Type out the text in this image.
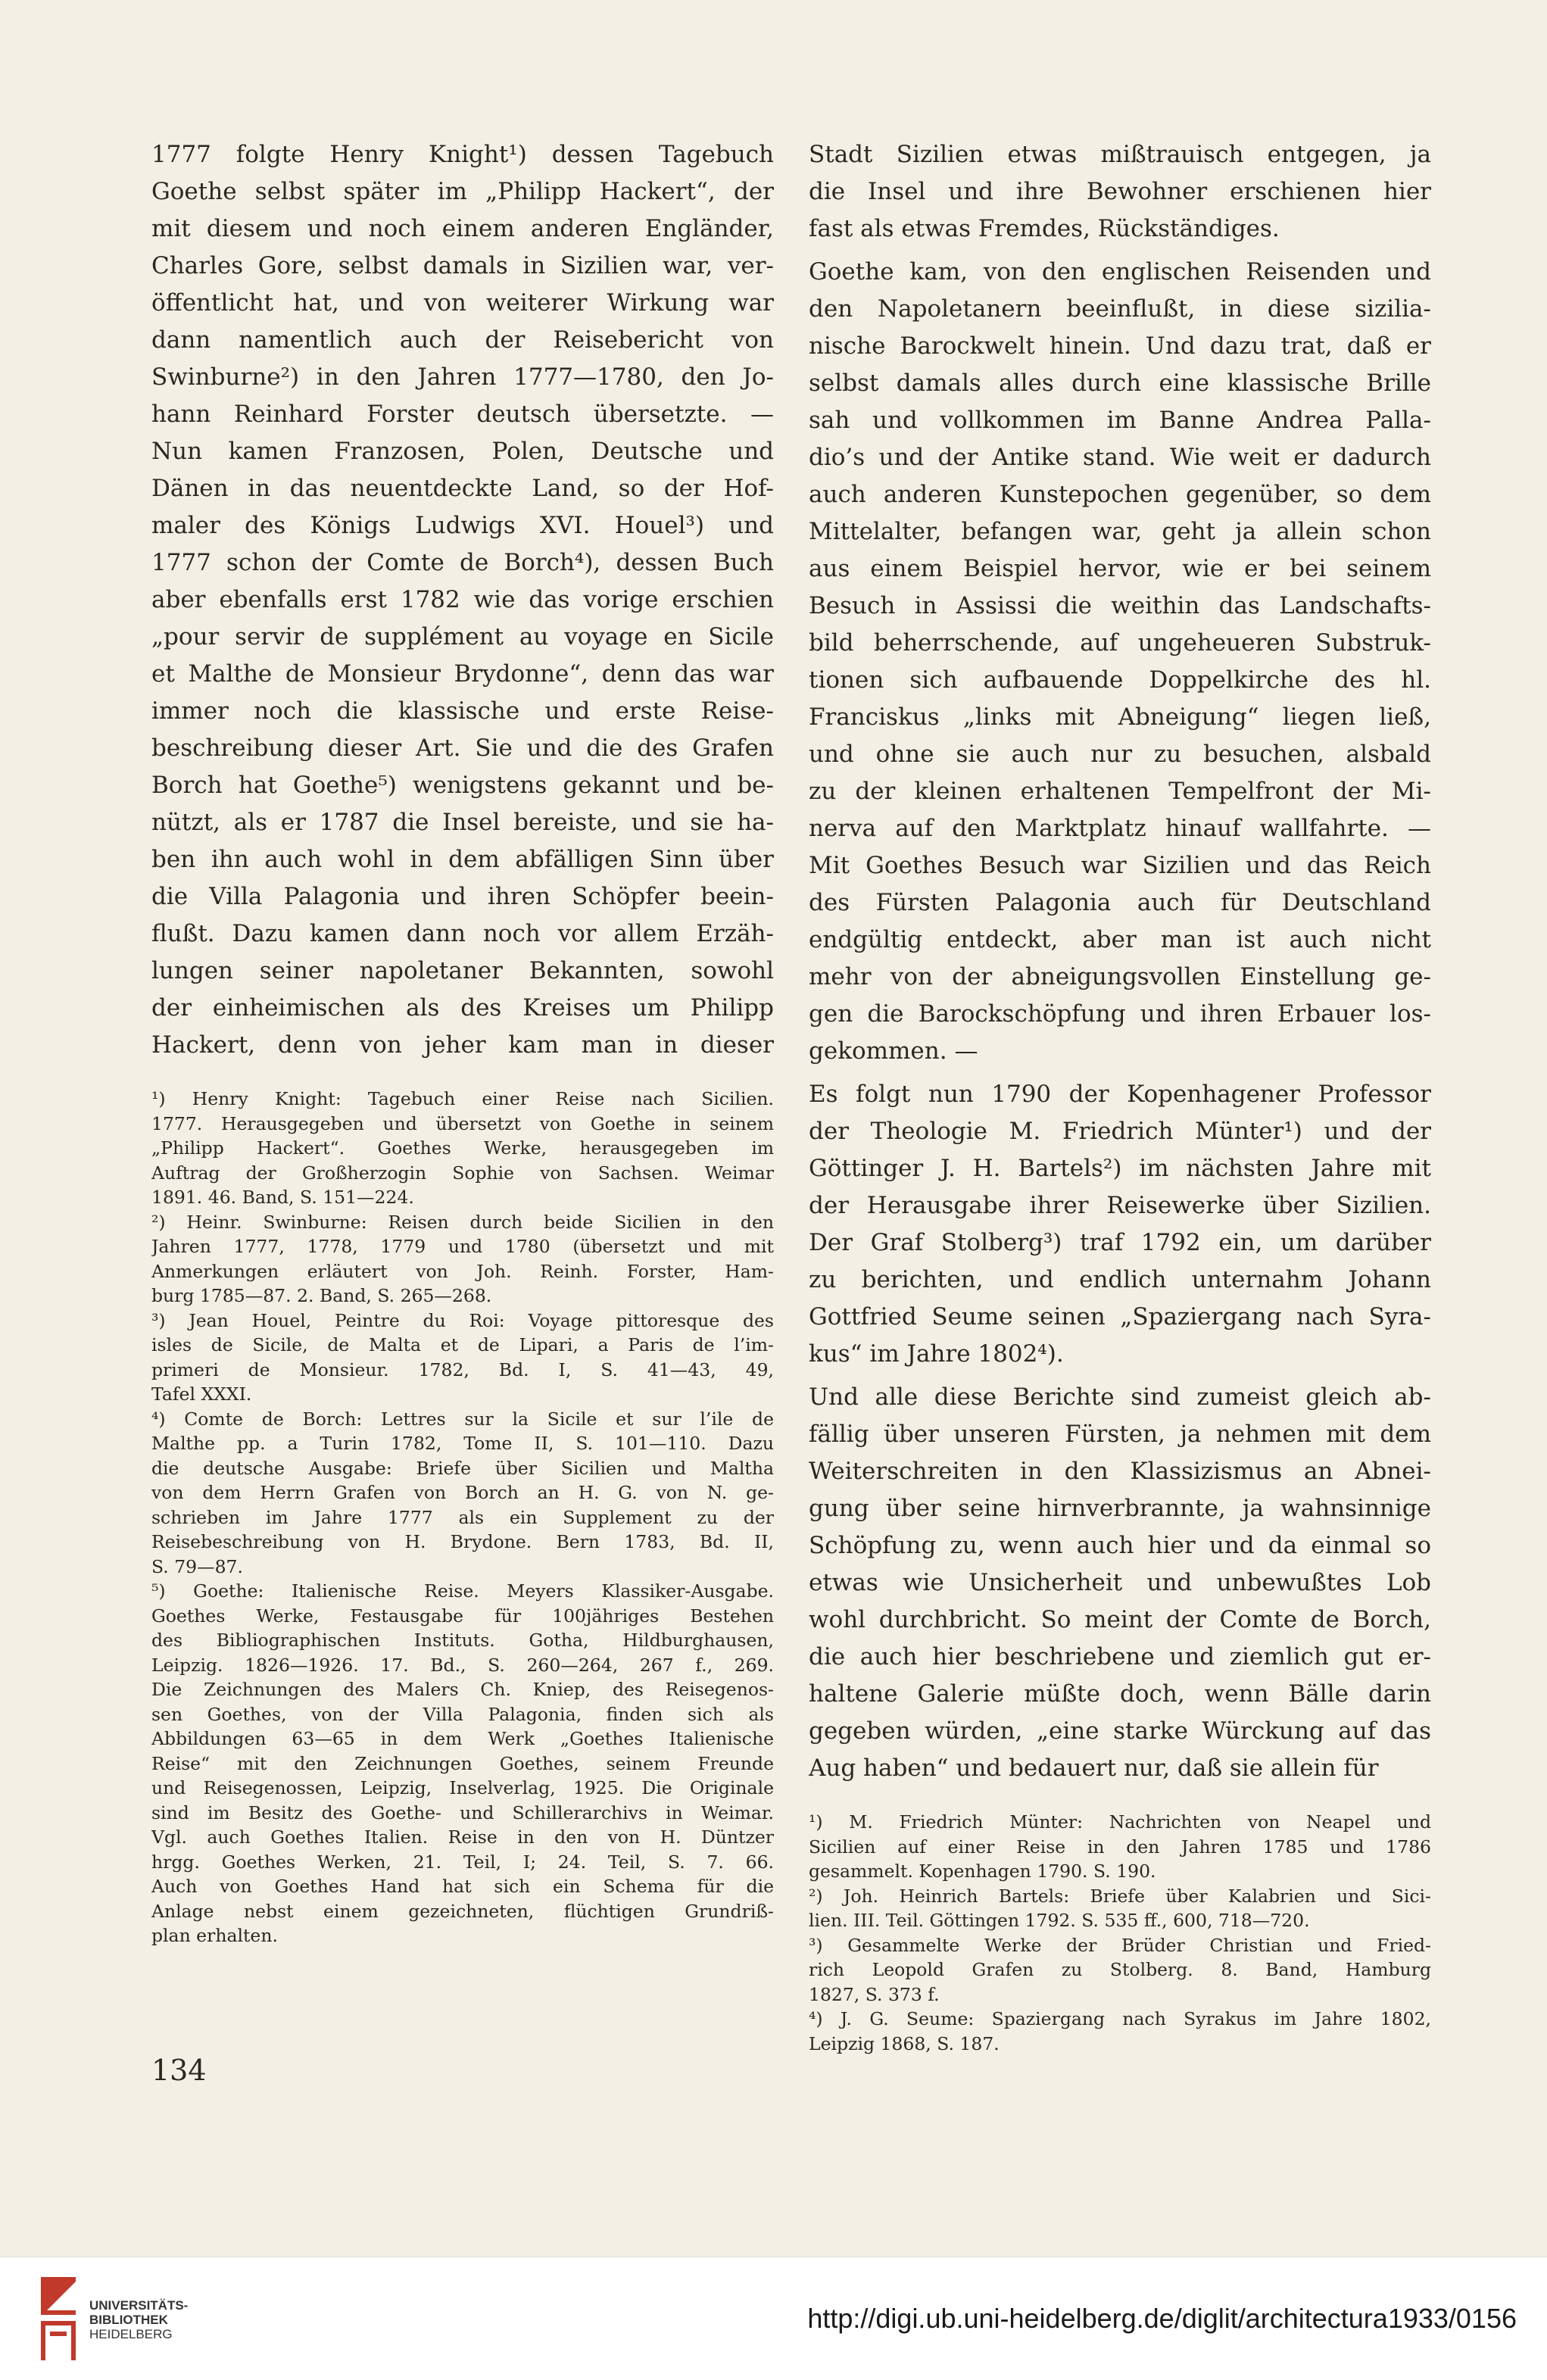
1777 folgte Henry Knight¹) dessen Tagebuch
Goethe selbst später im „Philipp Hackert“, der
mit diesem und noch einem anderen Engländer,
Charles Gore, selbst damals in Sizilien war, ver-
öffentlicht hat, und von weiterer Wirkung war
dann namentlich auch der Reisebericht von
Swinburne²) in den Jahren 1777—1780, den Jo-
hann Reinhard Forster deutsch übersetzte. —
Nun kamen Franzosen, Polen, Deutsche und
Dänen in das neuentdeckte Land, so der Hof-
maler des Königs Ludwigs XVI. Houel³) und
1777 schon der Comte de Borch⁴), dessen Buch
aber ebenfalls erst 1782 wie das vorige erschien
„pour servir de supplément au voyage en Sicile
et Malthe de Monsieur Brydonne“, denn das war
immer noch die klassische und erste Reise-
beschreibung dieser Art. Sie und die des Grafen
Borch hat Goethe⁵) wenigstens gekannt und be-
nützt, als er 1787 die Insel bereiste, und sie ha-
ben ihn auch wohl in dem abfälligen Sinn über
die Villa Palagonia und ihren Schöpfer beein-
flußt. Dazu kamen dann noch vor allem Erzäh-
lungen seiner napoletaner Bekannten, sowohl
der einheimischen als des Kreises um Philipp
Hackert, denn von jeher kam man in dieser
¹) Henry Knight: Tagebuch einer Reise nach Sicilien.
1777. Herausgegeben und übersetzt von Goethe in seinem
„Philipp Hackert“. Goethes Werke, herausgegeben im
Auftrag der Großherzogin Sophie von Sachsen. Weimar
1891. 46. Band, S. 151—224.
²) Heinr. Swinburne: Reisen durch beide Sicilien in den
Jahren 1777, 1778, 1779 und 1780 (übersetzt und mit
Anmerkungen erläutert von Joh. Reinh. Forster, Ham-
burg 1785—87. 2. Band, S. 265—268.
³) Jean Houel, Peintre du Roi: Voyage pittoresque des
isles de Sicile, de Malta et de Lipari, a Paris de l’im-
primeri de Monsieur. 1782, Bd. I, S. 41—43, 49,
Tafel XXXI.
⁴) Comte de Borch: Lettres sur la Sicile et sur l’ile de
Malthe pp. a Turin 1782, Tome II, S. 101—110. Dazu
die deutsche Ausgabe: Briefe über Sicilien und Maltha
von dem Herrn Grafen von Borch an H. G. von N. ge-
schrieben im Jahre 1777 als ein Supplement zu der
Reisebeschreibung von H. Brydone. Bern 1783, Bd. II,
S. 79—87.
⁵) Goethe: Italienische Reise. Meyers Klassiker-Ausgabe.
Goethes Werke, Festausgabe für 100jähriges Bestehen
des Bibliographischen Instituts. Gotha, Hildburghausen,
Leipzig. 1826—1926. 17. Bd., S. 260—264, 267 f., 269.
Die Zeichnungen des Malers Ch. Kniep, des Reisegenos-
sen Goethes, von der Villa Palagonia, finden sich als
Abbildungen 63—65 in dem Werk „Goethes Italienische
Reise“ mit den Zeichnungen Goethes, seinem Freunde
und Reisegenossen, Leipzig, Inselverlag, 1925. Die Originale
sind im Besitz des Goethe- und Schillerarchivs in Weimar.
Vgl. auch Goethes Italien. Reise in den von H. Düntzer
hrgg. Goethes Werken, 21. Teil, I; 24. Teil, S. 7. 66.
Auch von Goethes Hand hat sich ein Schema für die
Anlage nebst einem gezeichneten, flüchtigen Grundriß-
plan erhalten.
Stadt Sizilien etwas mißtrauisch entgegen, ja
die Insel und ihre Bewohner erschienen hier
fast als etwas Fremdes, Rückständiges.
Goethe kam, von den englischen Reisenden und
den Napoletanern beeinflußt, in diese sizilia-
nische Barockwelt hinein. Und dazu trat, daß er
selbst damals alles durch eine klassische Brille
sah und vollkommen im Banne Andrea Palla-
dio’s und der Antike stand. Wie weit er dadurch
auch anderen Kunstepochen gegenüber, so dem
Mittelalter, befangen war, geht ja allein schon
aus einem Beispiel hervor, wie er bei seinem
Besuch in Assissi die weithin das Landschafts-
bild beherrschende, auf ungeheueren Substruk-
tionen sich aufbauende Doppelkirche des hl.
Franciskus „links mit Abneigung“ liegen ließ,
und ohne sie auch nur zu besuchen, alsbald
zu der kleinen erhaltenen Tempelfront der Mi-
nerva auf den Marktplatz hinauf wallfahrte. —
Mit Goethes Besuch war Sizilien und das Reich
des Fürsten Palagonia auch für Deutschland
endgültig entdeckt, aber man ist auch nicht
mehr von der abneigungsvollen Einstellung ge-
gen die Barockschöpfung und ihren Erbauer los-
gekommen. —
Es folgt nun 1790 der Kopenhagener Professor
der Theologie M. Friedrich Münter¹) und der
Göttinger J. H. Bartels²) im nächsten Jahre mit
der Herausgabe ihrer Reisewerke über Sizilien.
Der Graf Stolberg³) traf 1792 ein, um darüber
zu berichten, und endlich unternahm Johann
Gottfried Seume seinen „Spaziergang nach Syra-
kus“ im Jahre 1802⁴).
Und alle diese Berichte sind zumeist gleich ab-
fällig über unseren Fürsten, ja nehmen mit dem
Weiterschreiten in den Klassizismus an Abnei-
gung über seine hirnverbrannte, ja wahnsinnige
Schöpfung zu, wenn auch hier und da einmal so
etwas wie Unsicherheit und unbewußtes Lob
wohl durchbricht. So meint der Comte de Borch,
die auch hier beschriebene und ziemlich gut er-
haltene Galerie müßte doch, wenn Bälle darin
gegeben würden, „eine starke Würckung auf das
Aug haben“ und bedauert nur, daß sie allein für
¹) M. Friedrich Münter: Nachrichten von Neapel und
Sicilien auf einer Reise in den Jahren 1785 und 1786
gesammelt. Kopenhagen 1790. S. 190.
²) Joh. Heinrich Bartels: Briefe über Kalabrien und Sici-
lien. III. Teil. Göttingen 1792. S. 535 ff., 600, 718—720.
³) Gesammelte Werke der Brüder Christian und Fried-
rich Leopold Grafen zu Stolberg. 8. Band, Hamburg
1827, S. 373 f.
⁴) J. G. Seume: Spaziergang nach Syrakus im Jahre 1802,
Leipzig 1868, S. 187.
134
UNIVERSITÄTS-
BIBLIOTHEK
HEIDELBERG
http://digi.ub.uni-heidelberg.de/diglit/architectura1933/0156
